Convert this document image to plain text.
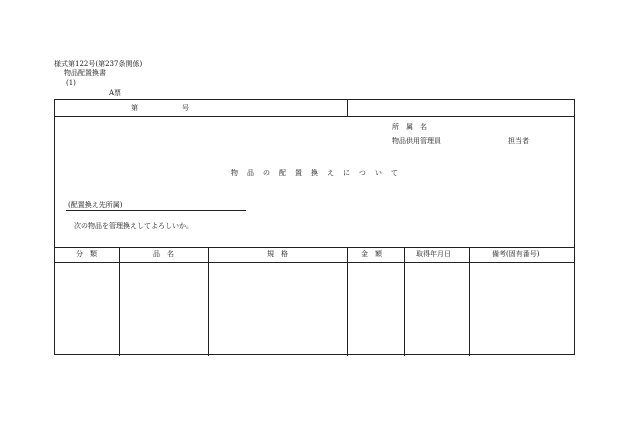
様式第122号(第237条関係)
物品配置換書
(1)
A票
第	号
所　属　名
物品供用管理員	担当者
物品の配置換えについて
(配置換え先所属)
次の物品を管理換えしてよろしいか。
分　類	品　名	規　格	金　額	取得年月日	備考(固有番号)
